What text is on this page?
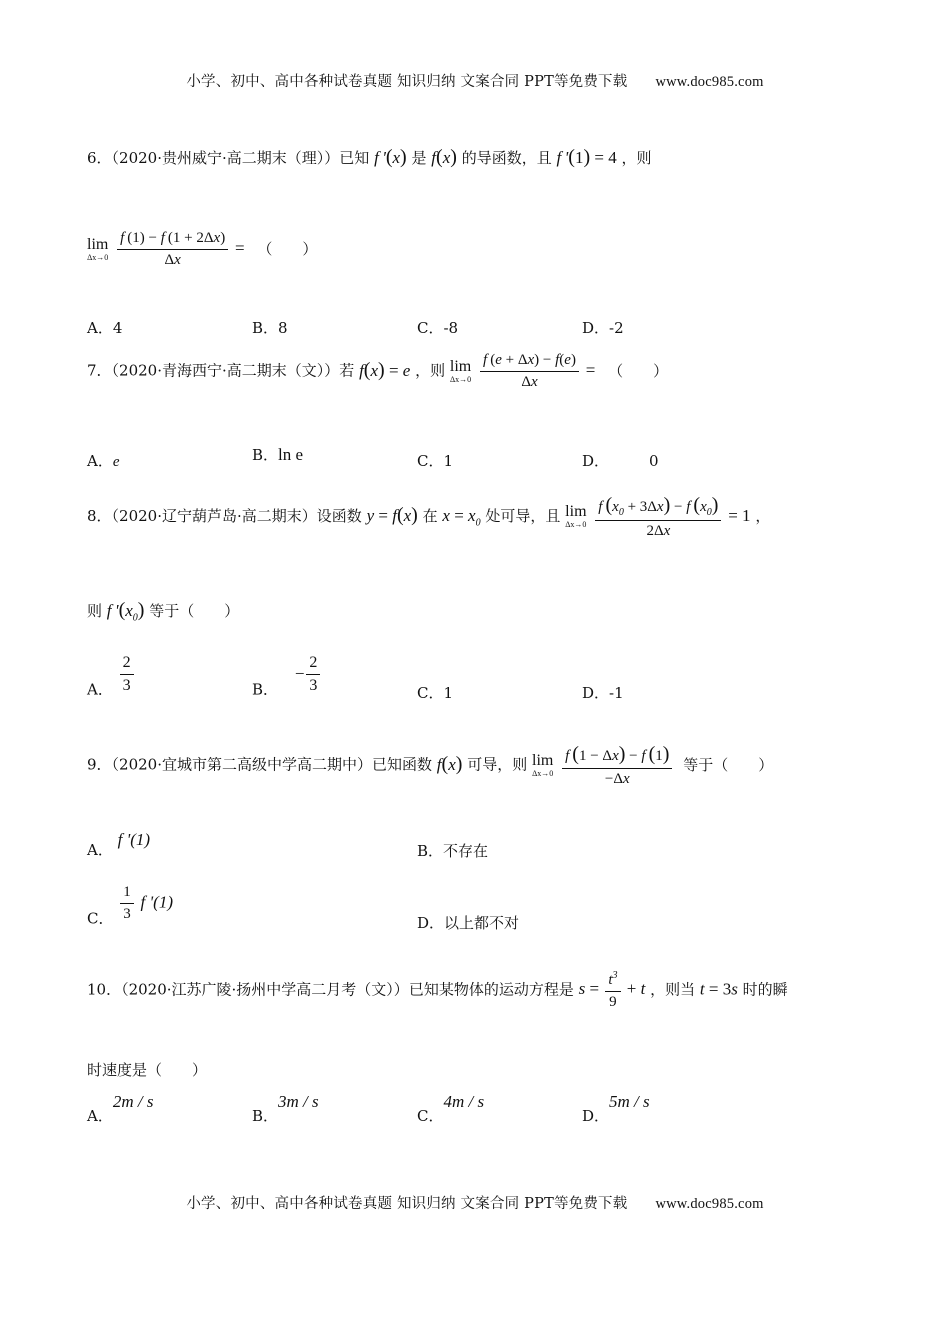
小学、初中、高中各种试卷真题 知识归纳 文案合同 PPT等免费下载 www.doc985.com
6．（2020·贵州威宁·高二期末（理））已知 f '(x) 是 f(x) 的导函数，且 f '(1) = 4 ，则
lim
Δx→0
$\frac{f (1) - f (1 + 2\Delta x)}{\Delta x}$ = （　　）
A．4	B．8	C．-8	D．-2
7．（2020·青海西宁·高二期末（文））若 f(x) = e ，则 lim
Δx→0
$\frac{f (e + \Delta x) - f(e)}{\Delta x}$ = （　　）
A．e	B．ln e	C．1	D．	0
8．（2020·辽宁葫芦岛·高二期末）设函数 y = f(x) 在 $x = x_0$ 处可导，且 lim
Δx→0
$\frac{f (x_0 + 3\Delta x) - f (x_0)}{2\Delta x} = 1$ ，
则 f '$(x_0)$ 等于（　　）
A． $\frac{2}{3}$	B． − $\frac{2}{3}$	C．1	D．-1
9．（2020·宜城市第二高级中学高二期中）已知函数 f(x) 可导，则 lim
Δx→0
$\frac{f (1 - \Delta x) - f (1)}{-\Delta x}$ 等于（　　）
A． f '(1)
B．不存在
C． $\frac{1}{3}$ f '(1)
D．以上都不对
10．（2020·江苏广陵·扬州中学高二月考（文））已知某物体的运动方程是 $s = \frac{t^3}{9} + t$ ，则当 t = 3s 时的瞬
时速度是（　　）
A．2m / s
B．3m / s
C．4m / s
D．5m / s
小学、初中、高中各种试卷真题 知识归纳 文案合同 PPT等免费下载 www.doc985.com
